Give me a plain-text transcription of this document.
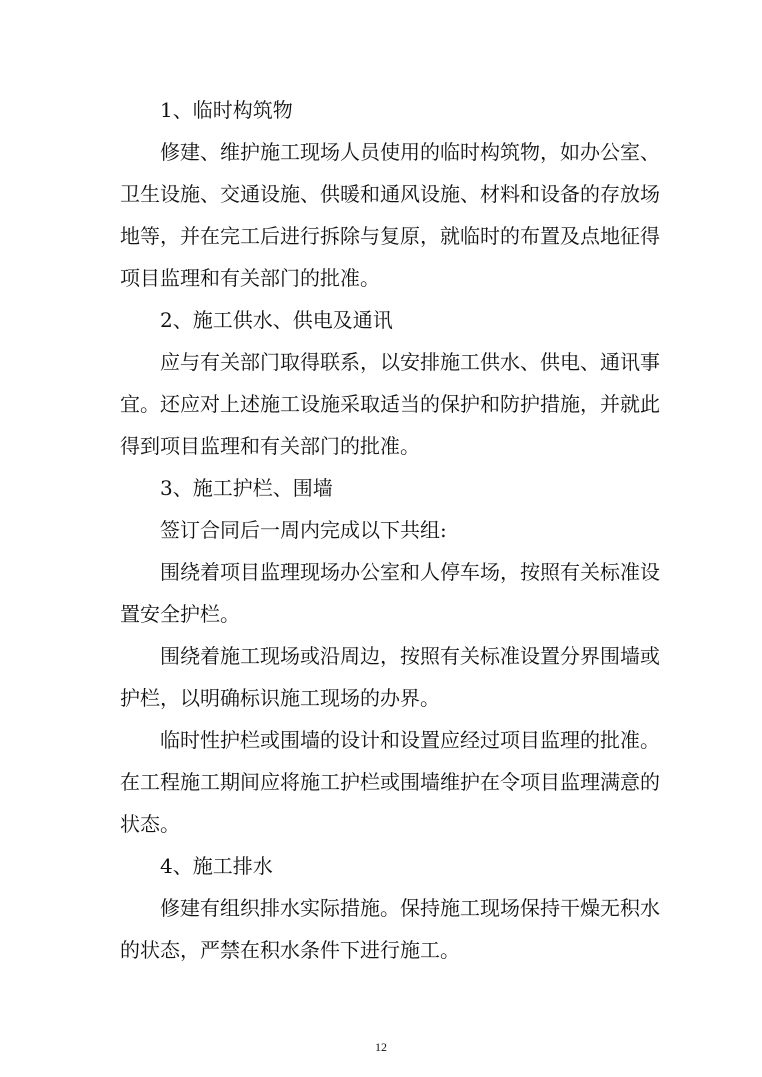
1、临时构筑物
修建、维护施工现场人员使用的临时构筑物，如办公室、
卫生设施、交通设施、供暖和通风设施、材料和设备的存放场
地等，并在完工后进行拆除与复原，就临时的布置及点地征得
项目监理和有关部门的批准。
2、施工供水、供电及通讯
应与有关部门取得联系，以安排施工供水、供电、通讯事
宜。还应对上述施工设施采取适当的保护和防护措施，并就此
得到项目监理和有关部门的批准。
3、施工护栏、围墙
签订合同后一周内完成以下共组:
围绕着项目监理现场办公室和人停车场，按照有关标准设
置安全护栏。
围绕着施工现场或沿周边，按照有关标准设置分界围墙或
护栏，以明确标识施工现场的办界。
临时性护栏或围墙的设计和设置应经过项目监理的批准。
在工程施工期间应将施工护栏或围墙维护在令项目监理满意的
状态。
4、施工排水
修建有组织排水实际措施。保持施工现场保持干燥无积水
的状态，严禁在积水条件下进行施工。
12
